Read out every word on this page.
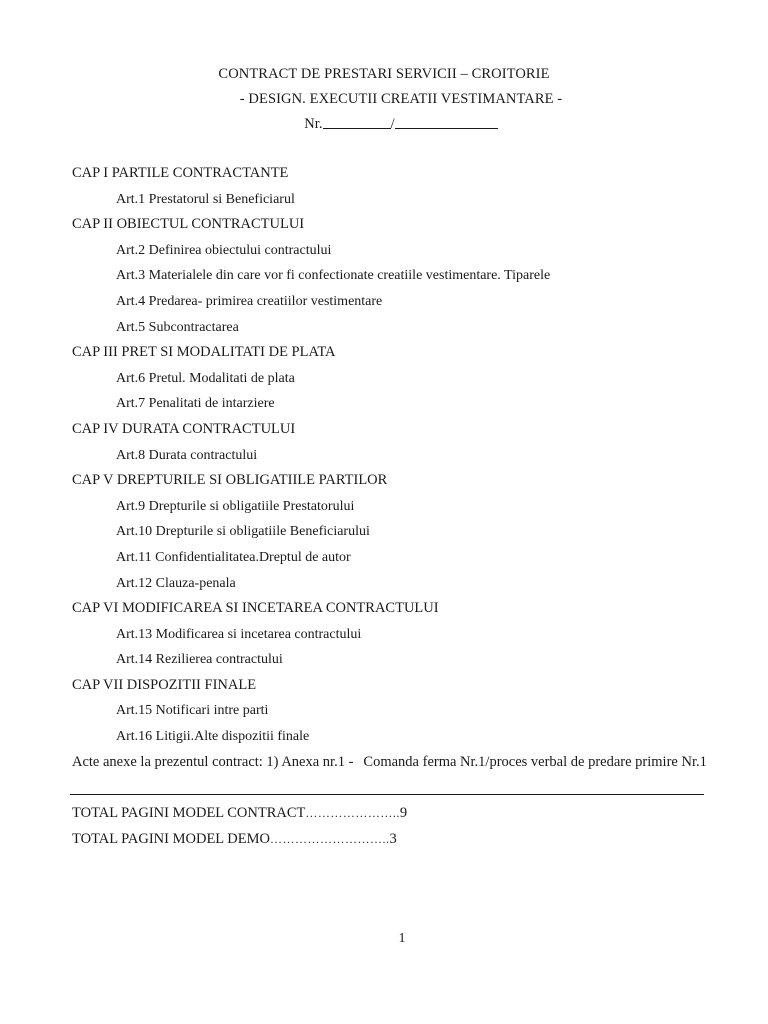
CONTRACT DE PRESTARI SERVICII – CROITORIE
- DESIGN. EXECUTII CREATII VESTIMANTARE -
Nr.	/
CAP I PARTILE CONTRACTANTE
Art.1 Prestatorul si Beneficiarul
CAP II OBIECTUL CONTRACTULUI
Art.2 Definirea obiectului contractului
Art.3 Materialele din care vor fi confectionate creatiile vestimentare. Tiparele
Art.4 Predarea- primirea creatiilor vestimentare
Art.5 Subcontractarea
CAP III PRET SI MODALITATI DE PLATA
Art.6 Pretul. Modalitati de plata
Art.7 Penalitati de intarziere
CAP IV DURATA CONTRACTULUI
Art.8 Durata contractului
CAP V DREPTURILE SI OBLIGATIILE PARTILOR
Art.9 Drepturile si obligatiile Prestatorului
Art.10 Drepturile si obligatiile Beneficiarului
Art.11 Confidentialitatea.Dreptul de autor
Art.12 Clauza-penala
CAP VI MODIFICAREA SI INCETAREA CONTRACTULUI
Art.13 Modificarea si incetarea contractului
Art.14 Rezilierea contractului
CAP VII DISPOZITII FINALE
Art.15 Notificari intre parti
Art.16 Litigii.Alte dispozitii finale
Acte anexe la prezentul contract: 1) Anexa nr.1 - Comanda ferma Nr.1/proces verbal de predare primire Nr.1
TOTAL PAGINI MODEL CONTRACT…………………..9
TOTAL PAGINI MODEL DEMO………………………..3
1
